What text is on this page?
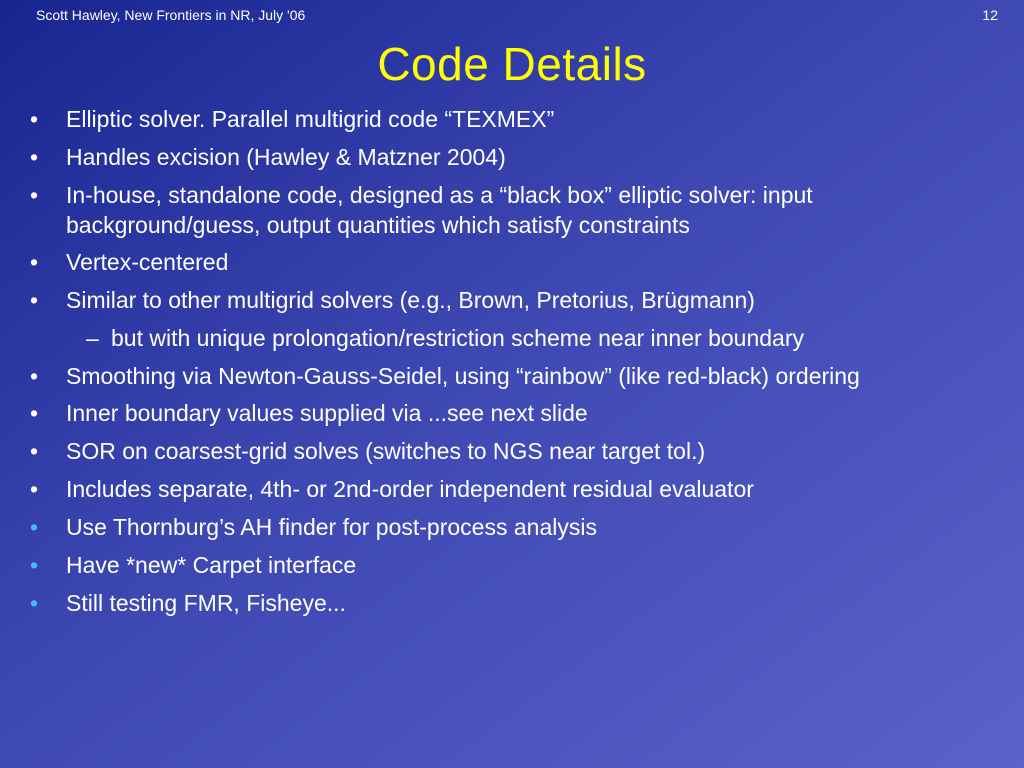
Scott Hawley, New Frontiers in NR, July '06	12
Code Details
•	Elliptic solver. Parallel multigrid code “TEXMEX”
•	Handles excision (Hawley & Matzner 2004)
•	In-house, standalone code, designed as a “black box” elliptic solver: input background/guess, output quantities which satisfy constraints
•	Vertex-centered
•	Similar to other multigrid solvers (e.g., Brown, Pretorius, Brügmann)
– but with unique prolongation/restriction scheme near inner boundary
•	Smoothing via Newton-Gauss-Seidel, using “rainbow” (like red-black) ordering
•	Inner boundary values supplied via ...see next slide
•	SOR on coarsest-grid solves (switches to NGS near target tol.)
•	Includes separate, 4th- or 2nd-order independent residual evaluator
•	Use Thornburg’s AH finder for post-process analysis
•	Have *new* Carpet interface
•	Still testing FMR, Fisheye...
